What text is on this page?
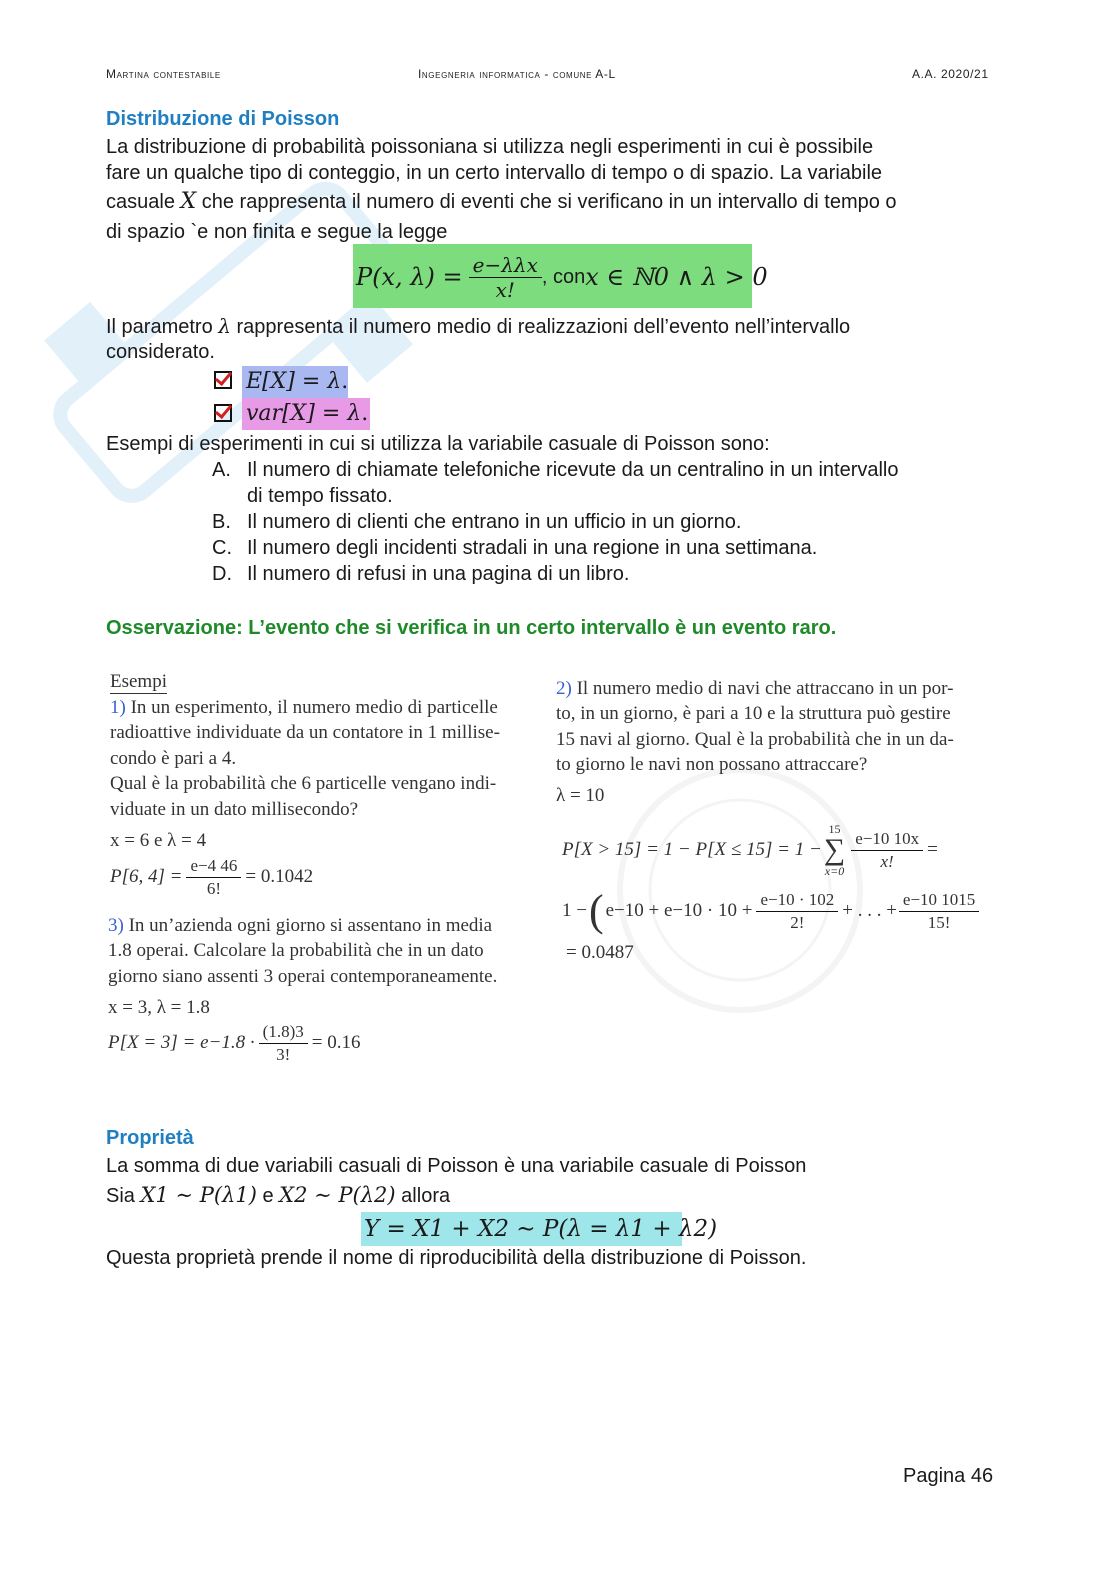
Martina contestabile	Ingegneria informatica - comune A-L	A.A. 2020/21
Distribuzione di Poisson
La distribuzione di probabilità poissoniana si utilizza negli esperimenti in cui è possibile
fare un qualche tipo di conteggio, in un certo intervallo di tempo o di spazio. La variabile
casuale X che rappresenta il numero di eventi che si verificano in un intervallo di tempo o
di spazio `e non finita e segue la legge
P(x, $\lambda) = \frac{\text{e−λλx}}{x!}$ , con x ∈ ℕ0 ∧ λ > 0
Il parametro λ rappresenta il numero medio di realizzazioni dell’evento nell’intervallo
considerato.
E[X] = λ.
var[X] = λ.
Esempi di esperimenti in cui si utilizza la variabile casuale di Poisson sono:
A. Il numero di chiamate telefoniche ricevute da un centralino in un intervallo
di tempo fissato.
B. Il numero di clienti che entrano in un ufficio in un giorno.
C. Il numero degli incidenti stradali in una regione in una settimana.
D. Il numero di refusi in una pagina di un libro.
Osservazione: L’evento che si verifica in un certo intervallo è un evento raro.
Esempi
1) In un esperimento, il numero medio di particelle
radioattive individuate da un contatore in 1 millise-
condo è pari a 4.
Qual è la probabilità che 6 particelle vengano indi-
viduate in un dato millisecondo?
x = 6 e λ = 4
P[6, $4] = \frac{e-4 46}{6!} = 0.1042$
3) In un’azienda ogni giorno si assentano in media
1.8 operai. Calcolare la probabilità che in un dato
giorno siano assenti 3 operai contemporaneamente.
x = 3, λ = 1.8
$P[X = 3] = e-1.8 \cdot \frac{(1.8)3}{3!} = 0.16$
2) Il numero medio di navi che attraccano in un por-
to, in un giorno, è pari a 10 e la struttura può gestire
15 navi al giorno. Qual è la probabilità che in un da-
to giorno le navi non possano attraccare?
λ = 10
P[X > 15] = 1 − P[X ≤ 15] = 1 −
15
∑
$x=0 \frac{e-10 10x}{x!}$ =
1 − ( $e-10 + e-10 \cdot 10 + \frac{e-10 \cdot 102}{2!}$ + . . . + $\frac{e-10 1015}{15!}$
= 0.0487
Proprietà
La somma di due variabili casuali di Poisson è una variabile casuale di Poisson
Sia X1 ∼ P(λ1) e X2 ∼ P(λ2) allora
Y = X1 + X2 ∼ P(λ = λ1 + λ2)
Questa proprietà prende il nome di riproducibilità della distribuzione di Poisson.
Pagina 46
